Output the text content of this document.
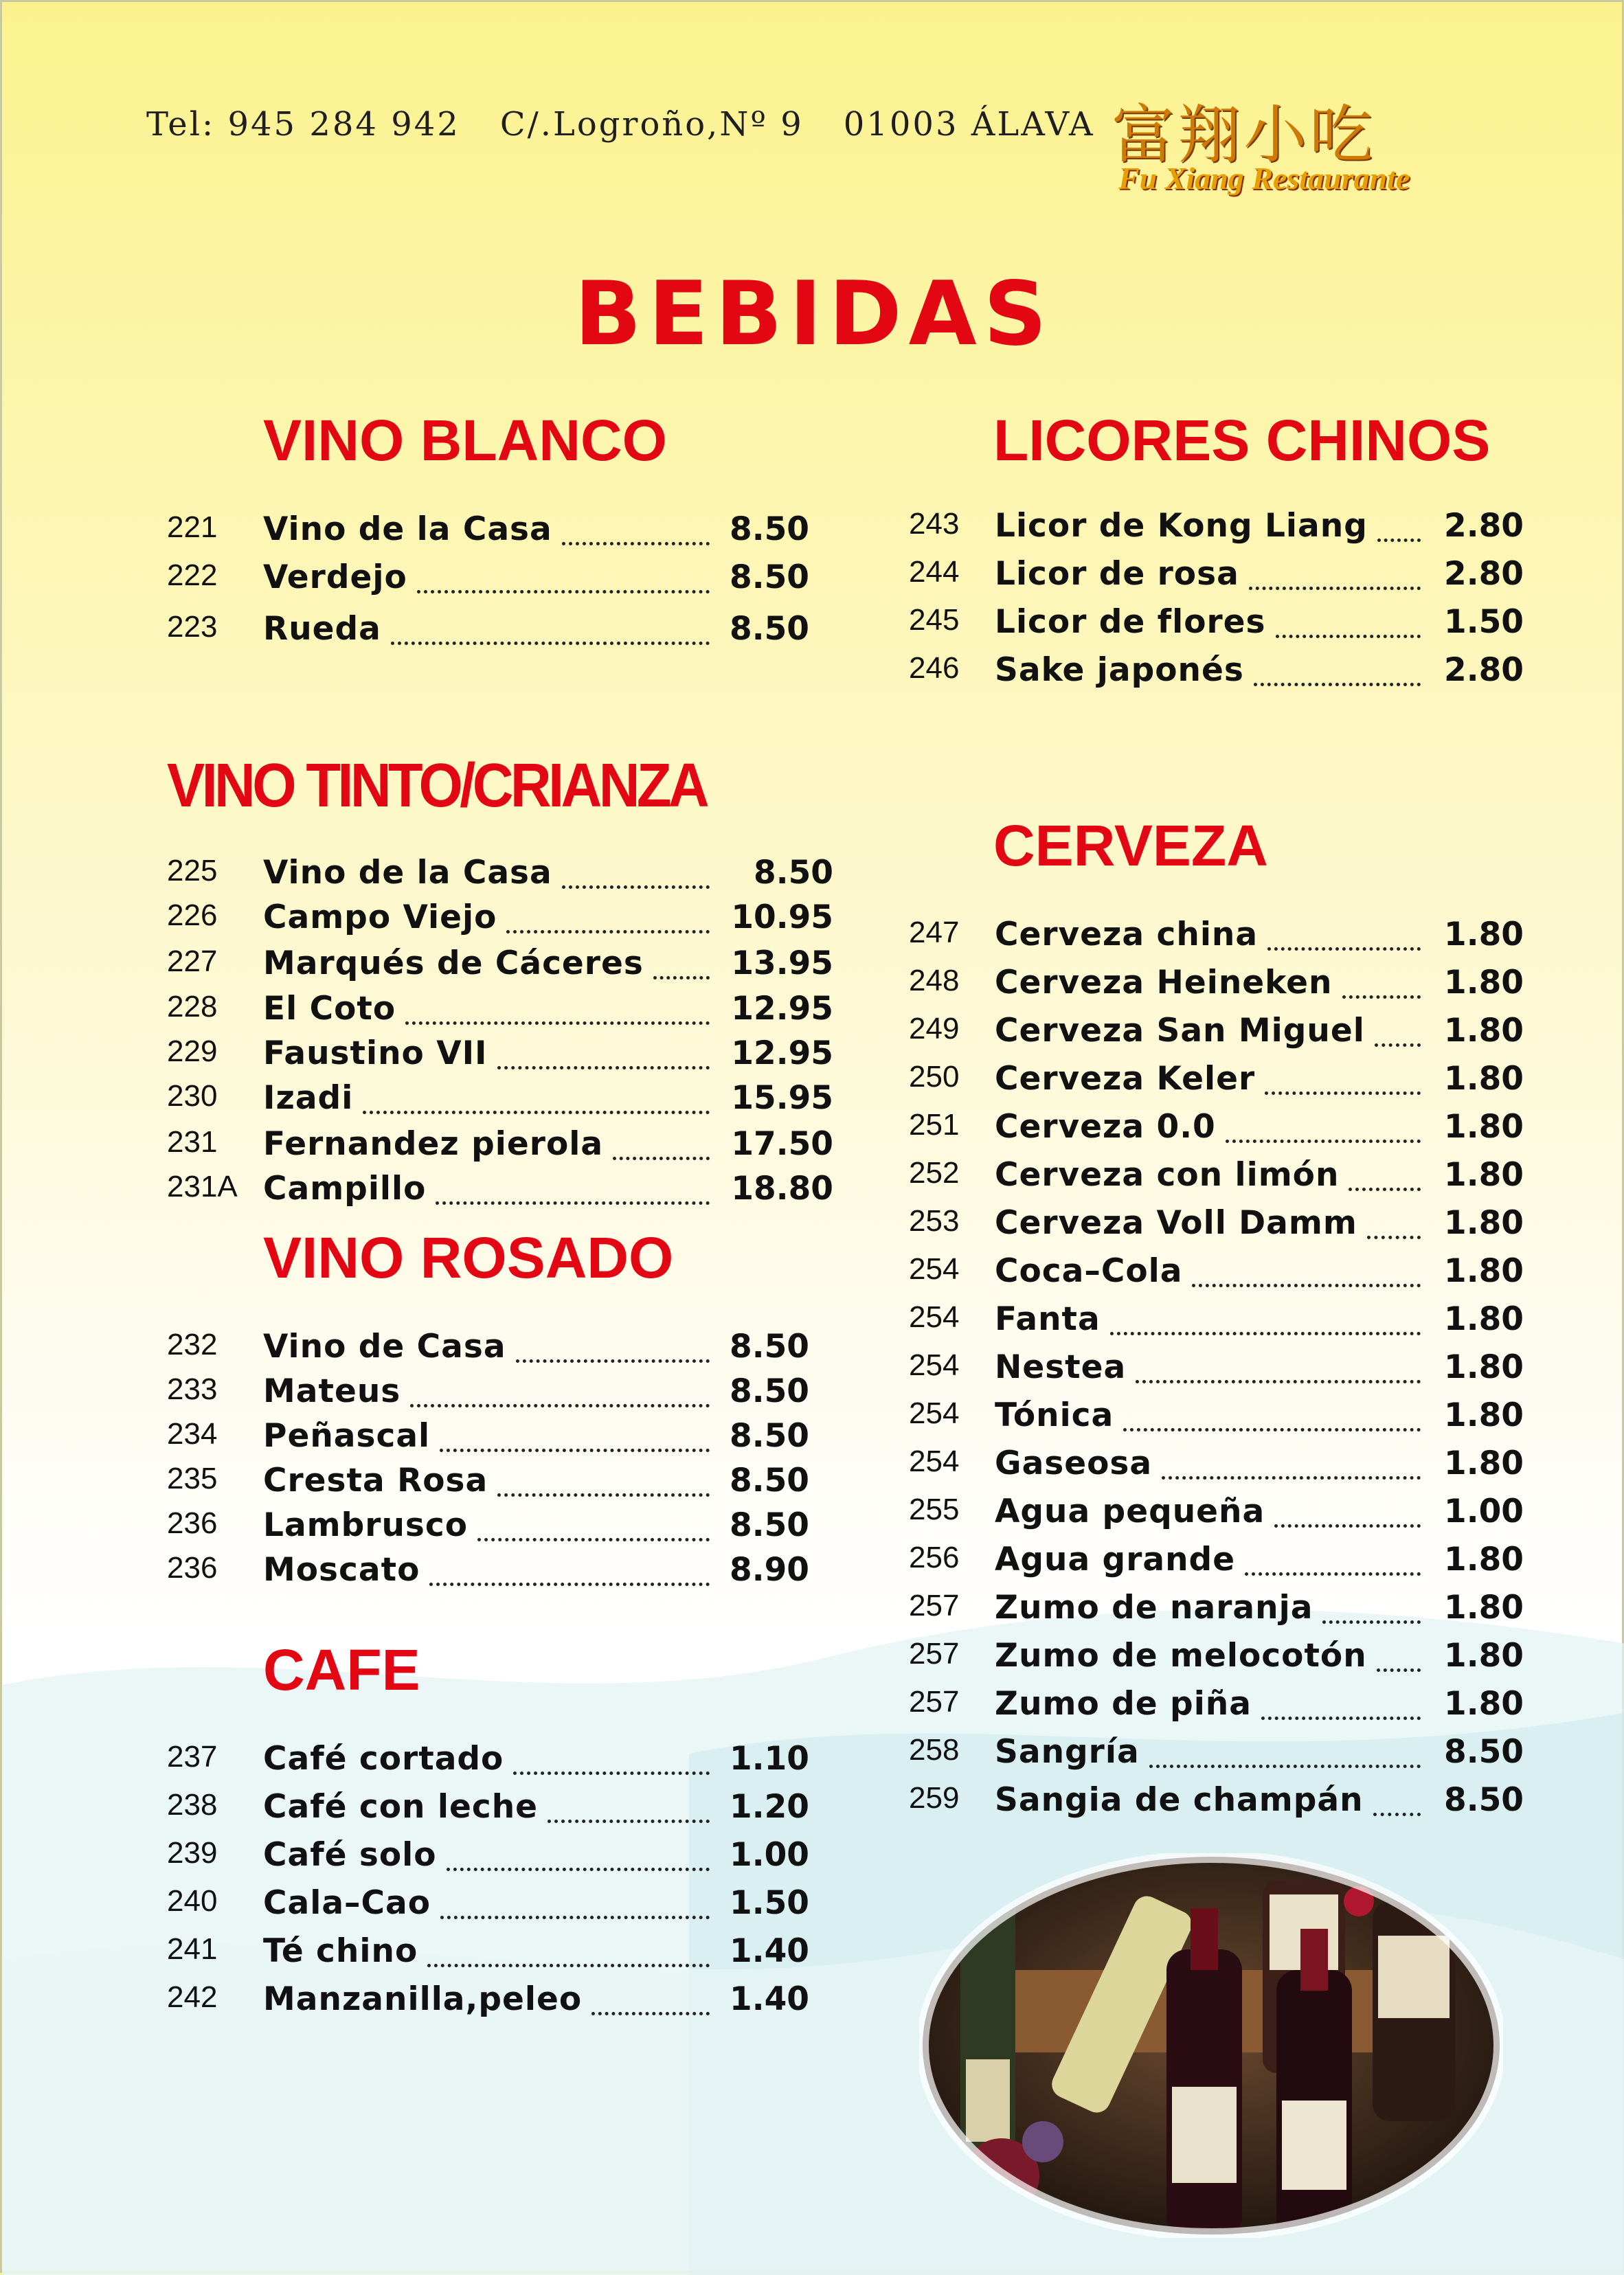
Tel: 945 284 942 C/.Logroño,Nº 9 01003 ÁLAVA 富翔小吃
Fu Xiang Restaurante
BEBIDAS
VINO BLANCO
VINO TINTO/CRIANZA
VINO ROSADO
CAFE
LICORES CHINOS
CERVEZA
221 Vino de la Casa	8.50
222 Verdejo	8.50
223 Rueda	8.50
225 Vino de la Casa	8.50
226 Campo Viejo	10.95
227 Marqués de Cáceres	13.95
228 El Coto	12.95
229 Faustino VII	12.95
230 Izadi	15.95
231 Fernandez pierola	17.50
231A Campillo	18.80
232 Vino de Casa	8.50
233 Mateus	8.50
234 Peñascal	8.50
235 Cresta Rosa	8.50
236 Lambrusco	8.50
236 Moscato	8.90
237 Café cortado	1.10
238 Café con leche	1.20
239 Café solo	1.00
240 Cala–Cao	1.50
241 Té chino	1.40
242 Manzanilla,peleo	1.40
243 Licor de Kong Liang 2.80
244 Licor de rosa	2.80
245 Licor de flores	1.50
246 Sake japonés	2.80
247 Cerveza china	1.80
248 Cerveza Heineken	1.80
249 Cerveza San Miguel 1.80
250 Cerveza Keler	1.80
251 Cerveza 0.0	1.80
252 Cerveza con limón	1.80
253 Cerveza Voll Damm	1.80
254 Coca–Cola	1.80
254 Fanta	1.80
254 Nestea	1.80
254 Tónica	1.80
254 Gaseosa	1.80
255 Agua pequeña	1.00
256 Agua grande	1.80
257 Zumo de naranja	1.80
257 Zumo de melocotón 1.80
257 Zumo de piña	1.80
258 Sangría	8.50
259 Sangia de champán 8.50
